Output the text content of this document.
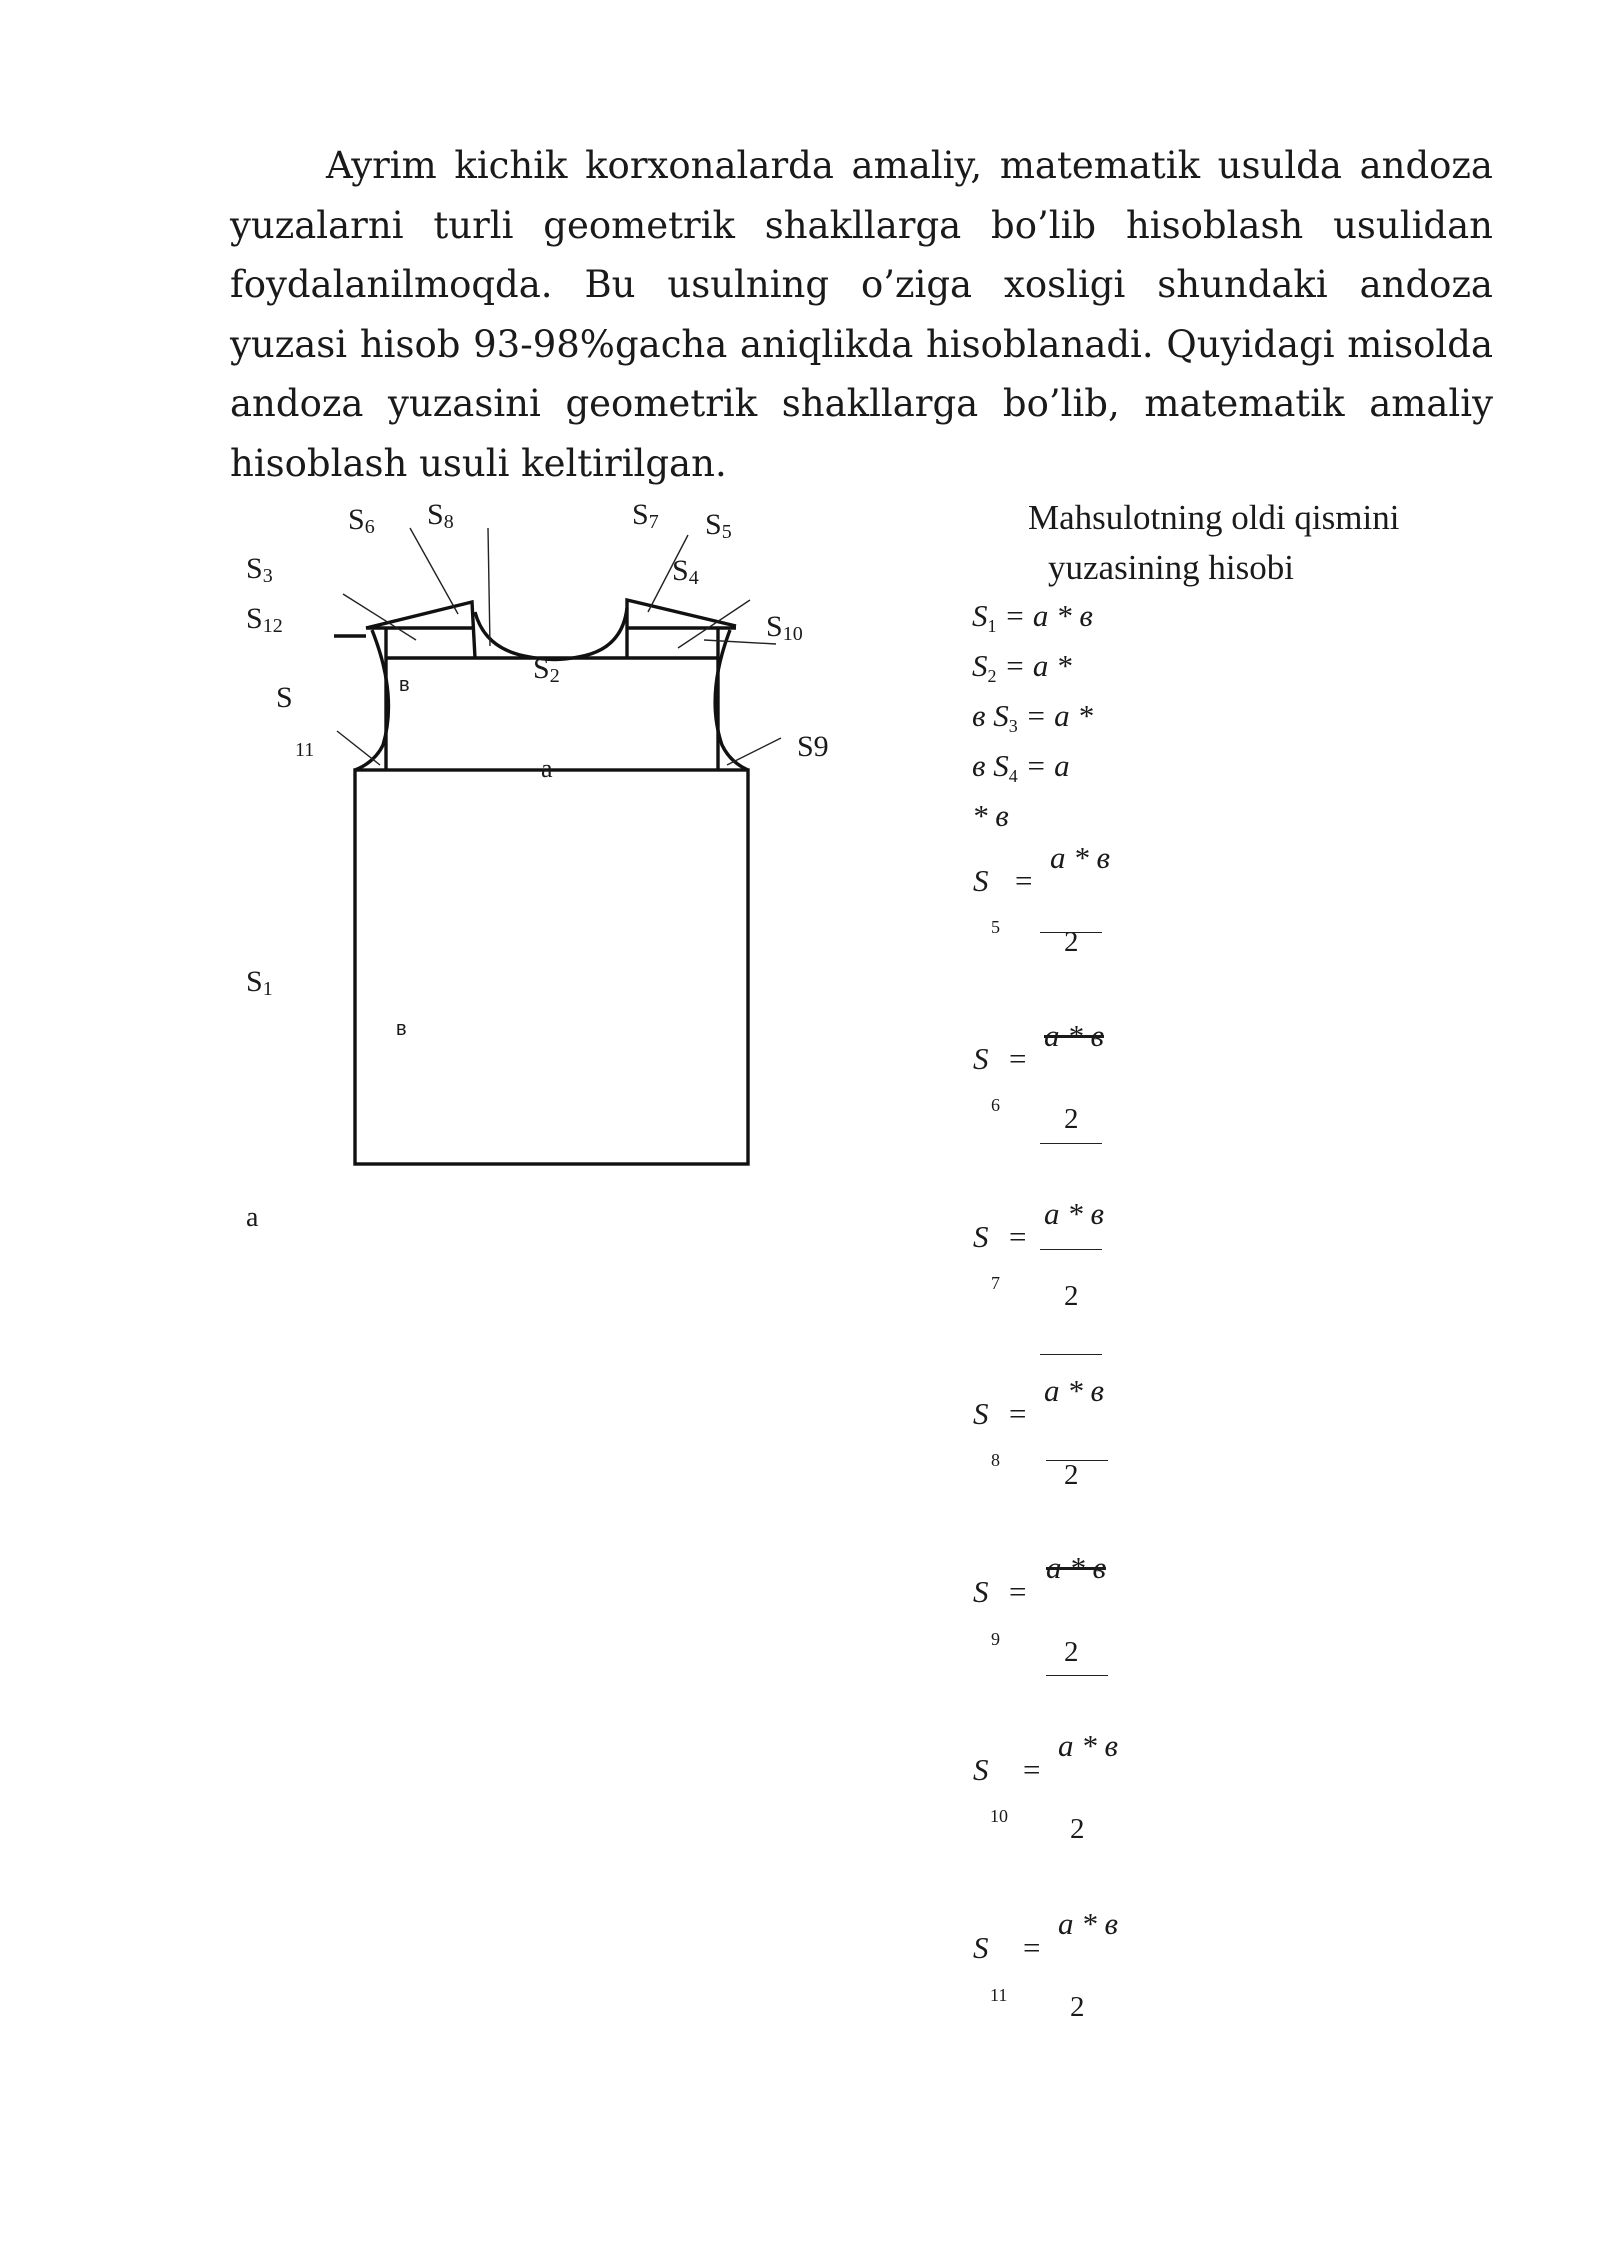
Ayrim kichik korxonalarda amaliy, matematik usulda andoza yuzalarni turli geometrik shakllarga bo’lib hisoblash usulidan foydalanilmoqda. Bu usulning o’ziga xosligi shundaki andoza yuzasi hisob 93-98%gacha aniqlikda hisoblanadi. Quyidagi misolda andoza yuzasini geometrik shakllarga bo’lib, matematik amaliy hisoblash usuli keltirilgan.

S6 S8	S7 S5
S3	S4
S12	S10
S2
S
11	S9
S1
в
a
в
a
Mahsulotning oldi qismini
yuzasining hisobi
S1 = a * в
S2 = a *
в S3 = a *
в S4 = a
* в
S =
5
a * в
2
S =
6
a * в
2
S =
7
a * в
2
S =
8
a * в
2
S =
9
a * в
2
S =
10
a * в
2
S =
11
a * в
2
